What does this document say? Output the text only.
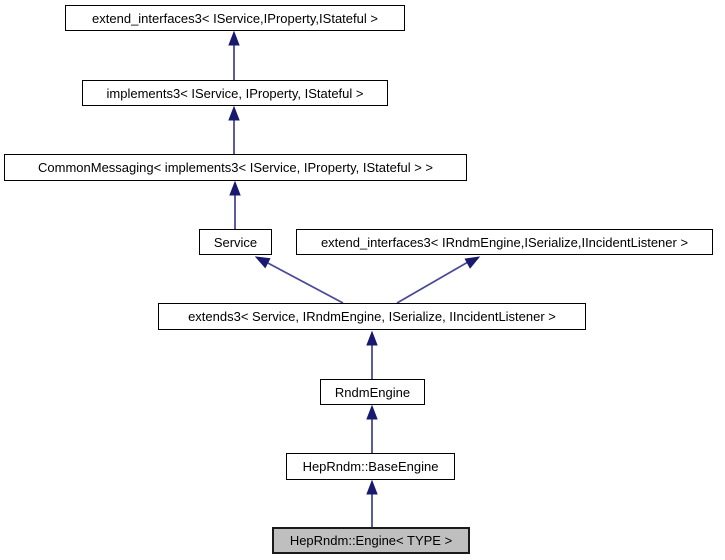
extend_interfaces3< IService,IProperty,IStateful >
implements3< IService, IProperty, IStateful >
CommonMessaging< implements3< IService, IProperty, IStateful > >
Service	extend_interfaces3< IRndmEngine,ISerialize,IIncidentListener >
extends3< Service, IRndmEngine, ISerialize, IIncidentListener >
RndmEngine
HepRndm::BaseEngine
HepRndm::Engine< TYPE >
